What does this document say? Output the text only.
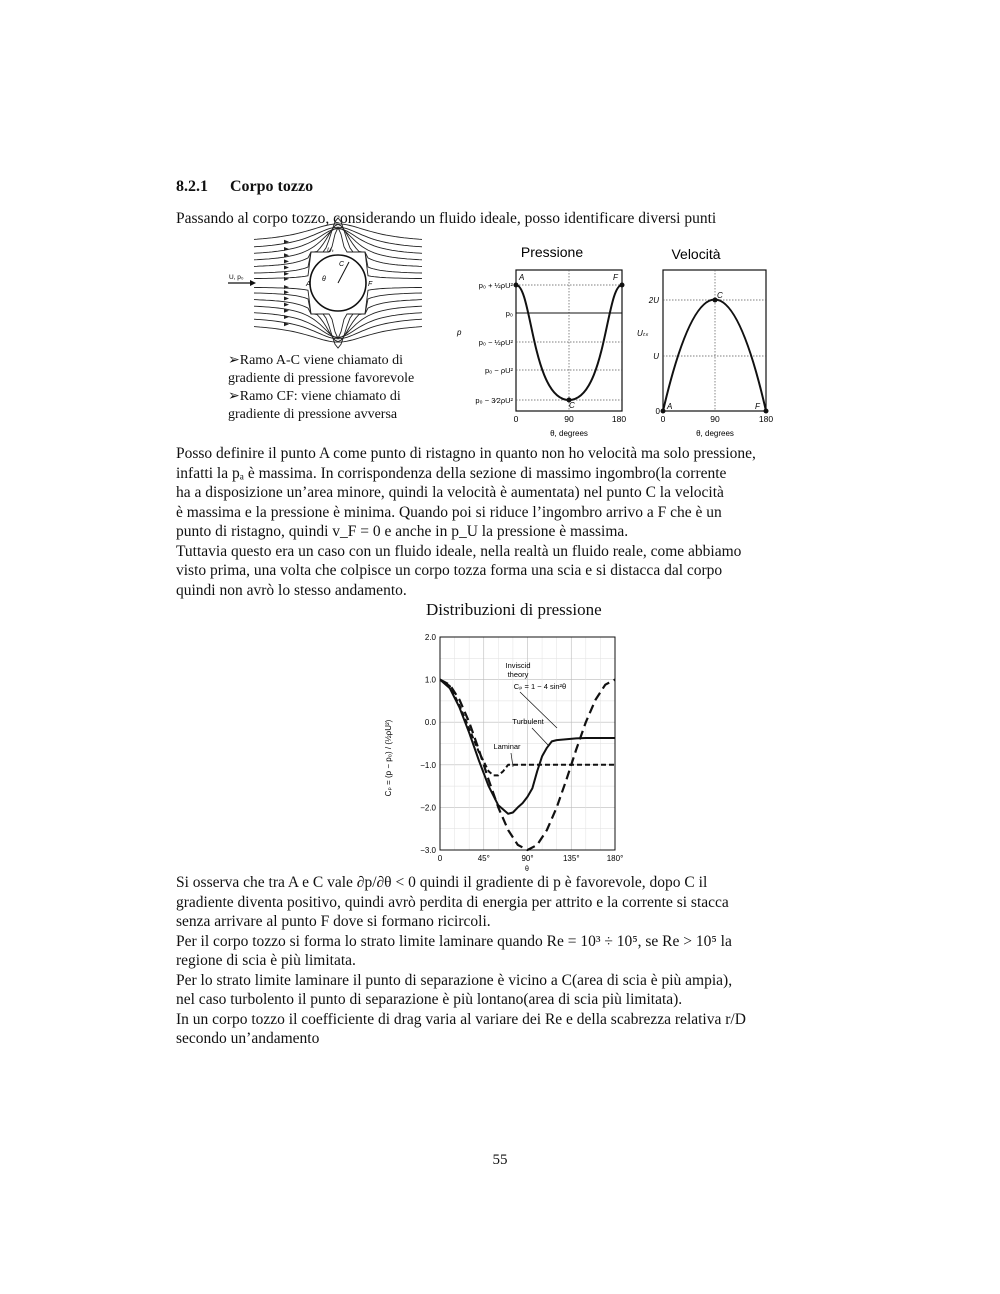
8.2.1 Corpo tozzo
Passando al corpo tozzo, considerando un fluido ideale, posso identificare diversi punti
U, p₀
A
C
F
θ
Uₜ
➢Ramo A-C viene chiamato di
gradiente di pressione favorevole
➢Ramo CF: viene chiamato di
gradiente di pressione avversa
Pressione
A	F
C
p₀ + ½ρU²
p₀
p₀ − ½ρU²
p₀ − ρU²
p₀ − 3⁄2ρU²
p
0	90	180
θ, degrees
Velocità
A
C
F
2U
U
0
Uₜₛ
0	90	180
θ, degrees
Posso definire il punto A come punto di ristagno in quanto non ho velocità ma solo pressione,
infatti la pₐ è massima. In corrispondenza della sezione di massimo ingombro(la corrente
ha a disposizione un’area minore, quindi la velocità è aumentata) nel punto C la velocità
è massima e la pressione è minima. Quando poi si riduce l’ingombro arrivo a F che è un
punto di ristagno, quindi v_F = 0 e anche in p_U la pressione è massima.
Tuttavia questo era un caso con un fluido ideale, nella realtà un fluido reale, come abbiamo
visto prima, una volta che colpisce un corpo tozza forma una scia e si distacca dal corpo
quindi non avrò lo stesso andamento.
Distribuzioni di pressione
2.0
1.0
0.0
−1.0
−2.0
−3.0
0	45°	90°	135°	180°
Inviscid
theory
Cₚ = 1 − 4 sin²θ
Turbulent
Laminar
Cₚ = (p − p₀) / (½ρU²)
θ
Si osserva che tra A e C vale ∂p/∂θ < 0 quindi il gradiente di p è favorevole, dopo C il
gradiente diventa positivo, quindi avrò perdita di energia per attrito e la corrente si stacca
senza arrivare al punto F dove si formano ricircoli.
Per il corpo tozzo si forma lo strato limite laminare quando Re = 10³ ÷ 10⁵, se Re > 10⁵ la
regione di scia è più limitata.
Per lo strato limite laminare il punto di separazione è vicino a C(area di scia è più ampia),
nel caso turbolento il punto di separazione è più lontano(area di scia più limitata).
In un corpo tozzo il coefficiente di drag varia al variare dei Re e della scabrezza relativa r/D
secondo un’andamento
55
